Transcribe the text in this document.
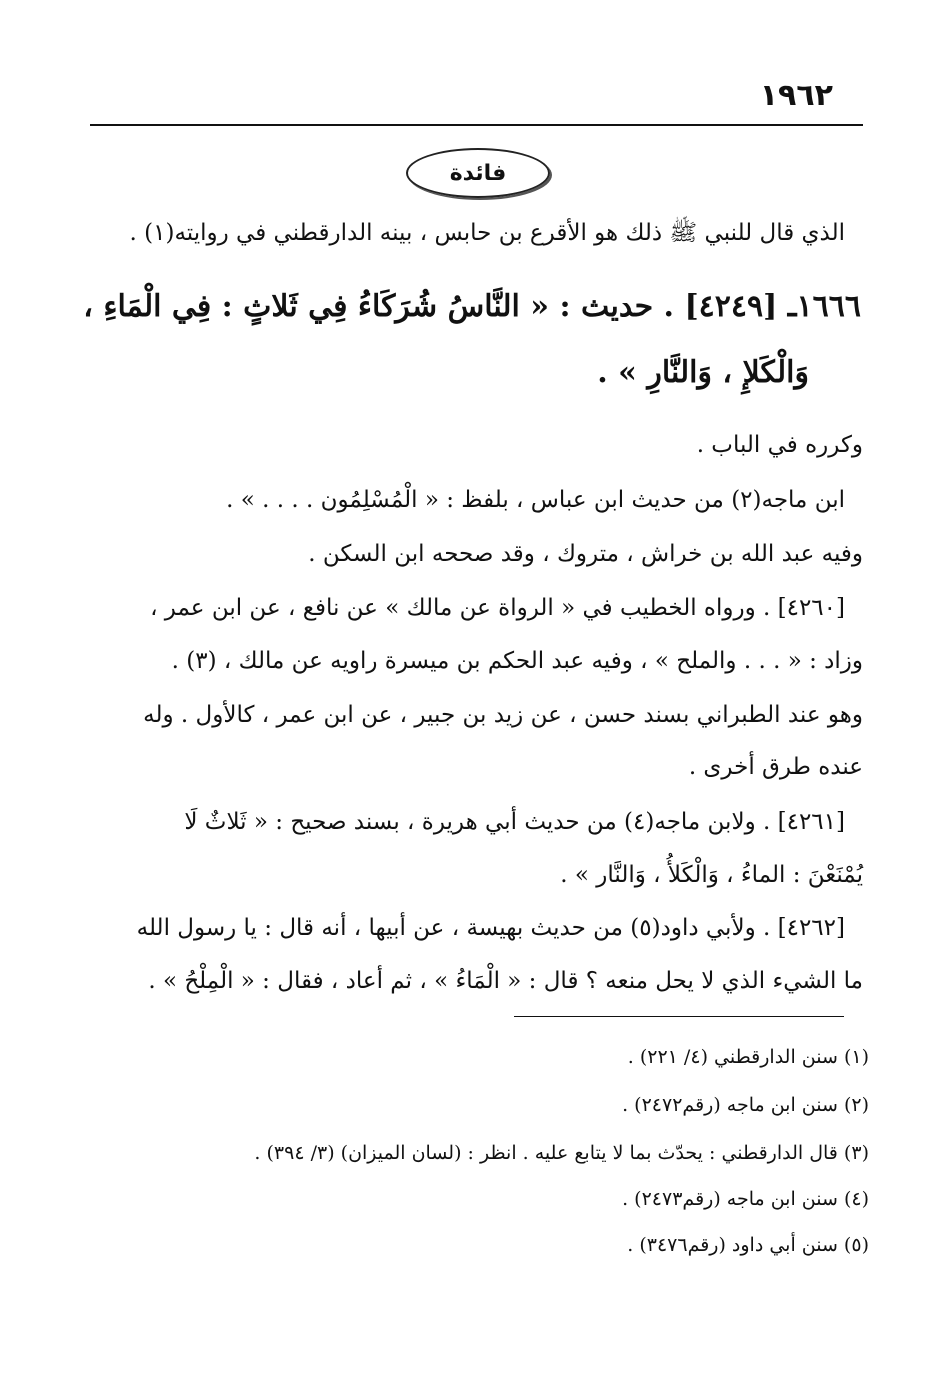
١٩٦٢
فائدة
الذي قال للنبي ﷺ ذلك هو الأقرع بن حابس ، بينه الدارقطني في روايته(١) .
١٦٦٦ـ [٤٢٤٩] . حديث : « النَّاسُ شُرَكَاءُ فِي ثَلاثٍ : فِي الْمَاءِ ،
وَالْكَلإِ ، وَالنَّارِ » .
وكرره في الباب .
ابن ماجه(٢) من حديث ابن عباس ، بلفظ : « الْمُسْلِمُون . . . . » .
وفيه عبد الله بن خراش ، متروك ، وقد صححه ابن السكن .
[٤٢٦٠] . ورواه الخطيب في « الرواة عن مالك » عن نافع ، عن ابن عمر ،
وزاد : « . . . والملح » ، وفيه عبد الحكم بن ميسرة راويه عن مالك ، (٣) .
وهو عند الطبراني بسند حسن ، عن زيد بن جبير ، عن ابن عمر ، كالأول . وله
عنده طرق أخرى .
[٤٢٦١] . ولابن ماجه(٤) من حديث أبي هريرة ، بسند صحيح : « ثَلاثٌ لَا
يُمْنَعْنَ : الماءُ ، وَالْكَلأُ ، وَالنَّار » .
[٤٢٦٢] . ولأبي داود(٥) من حديث بهيسة ، عن أبيها ، أنه قال : يا رسول الله
ما الشيء الذي لا يحل منعه ؟ قال : « الْمَاءُ » ، ثم أعاد ، فقال : « الْمِلْحُ » .
(١) سنن الدارقطني (٤/ ٢٢١) .
(٢) سنن ابن ماجه (رقم٢٤٧٢) .
(٣) قال الدارقطني : يحدّث بما لا يتابع عليه . انظر : (لسان الميزان) (٣/ ٣٩٤) .
(٤) سنن ابن ماجه (رقم٢٤٧٣) .
(٥) سنن أبي داود (رقم٣٤٧٦) .
